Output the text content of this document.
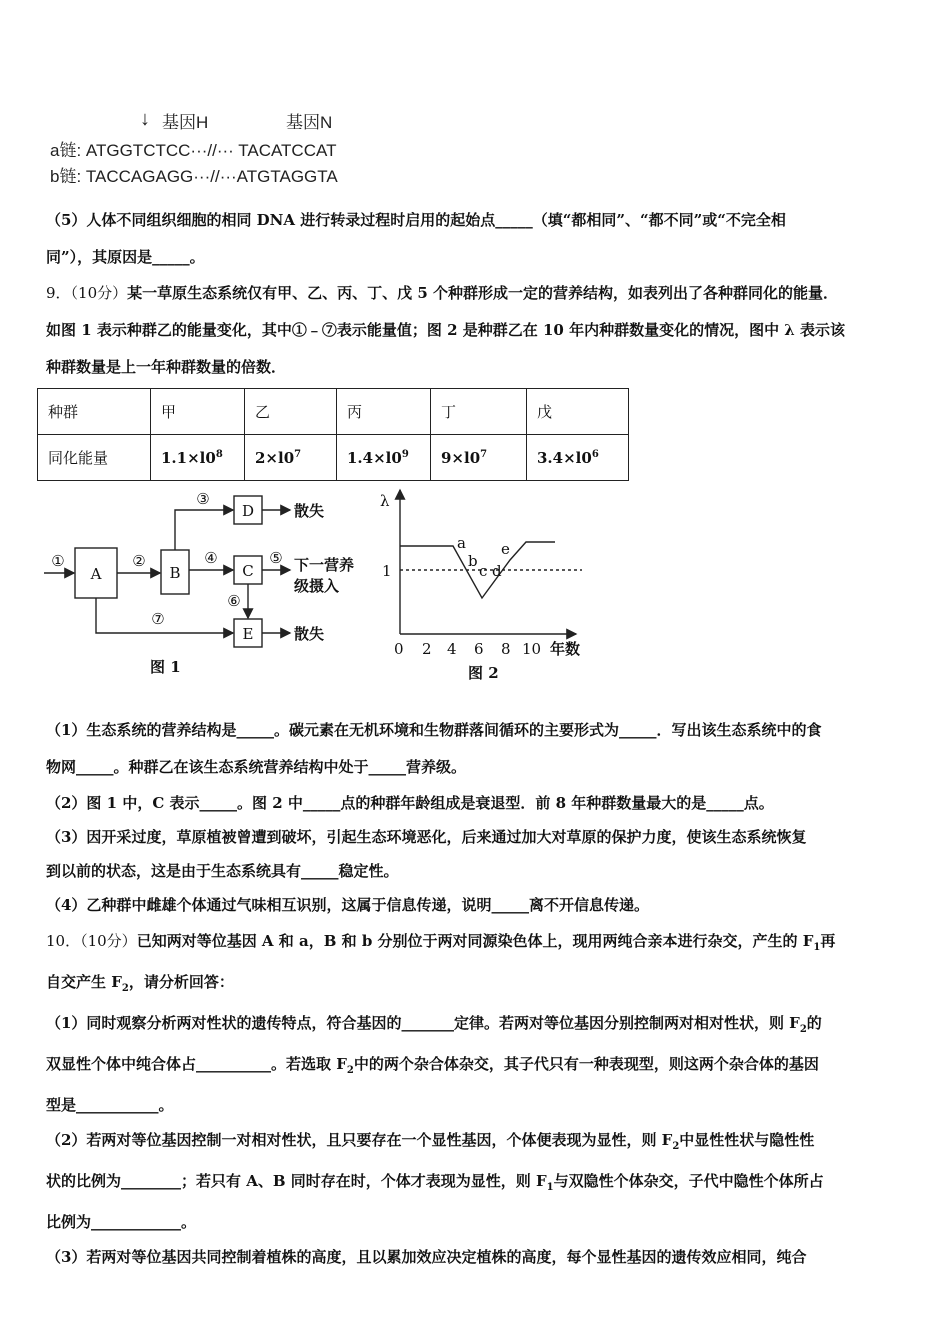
↓ 基因H	基因N
a链: ATGGTCTCC···//··· TACATCCAT
b链: TACCAGAGG···//···ATGTAGGTA
（5）人体不同组织细胞的相同 DNA 进行转录过程时启用的起始点_____（填“都相同”、“都不同”或“不完全相
同”），其原因是_____。
9．（10分）某一草原生态系统仅有甲、乙、丙、丁、戊 5 个种群形成一定的营养结构，如表列出了各种群同化的能量．
如图 1 表示种群乙的能量变化，其中①﹣⑦表示能量值；图 2 是种群乙在 10 年内种群数量变化的情况，图中 λ 表示该
种群数量是上一年种群数量的倍数．
种群	甲	乙	丙	丁	戊
同化能量	$1.1\times l0^8$	$2\times l0^7$	$1.4\times l0^9$	$9\times l0^7$	$3.4\times l0^6$
A	B	C
D
E
①	②
③
④	⑤
⑥
⑦
散失
下一营养
级摄入
散失
图 1
λ
1
0 2 4 6 8 10 年数
a
b
c d
e
图 2
（1）生态系统的营养结构是_____。碳元素在无机环境和生物群落间循环的主要形式为_____．写出该生态系统中的食
物网_____。种群乙在该生态系统营养结构中处于_____营养级。
（2）图 1 中，C 表示_____。图 2 中_____点的种群年龄组成是衰退型．前 8 年种群数量最大的是_____点。
（3）因开采过度，草原植被曾遭到破坏，引起生态环境恶化，后来通过加大对草原的保护力度，使该生态系统恢复
到以前的状态，这是由于生态系统具有_____稳定性。
（4）乙种群中雌雄个体通过气味相互识别，这属于信息传递，说明_____离不开信息传递。
10．（10分）已知两对等位基因 A 和 a，B 和 b 分别位于两对同源染色体上，现用两纯合亲本进行杂交，产生的 $F_1$再
自交产生 $F_2$，请分析回答：
（1）同时观察分析两对性状的遗传特点，符合基因的_______定律。若两对等位基因分别控制两对相对性状，则 $F_2$的
双显性个体中纯合体占__________。若选取 $F_2$中的两个杂合体杂交，其子代只有一种表现型，则这两个杂合体的基因
型是___________。
（2）若两对等位基因控制一对相对性状，且只要存在一个显性基因，个体便表现为显性，则 $F_2$中显性性状与隐性性
状的比例为________；若只有 A、B 同时存在时，个体才表现为显性，则 $F_1$与双隐性个体杂交，子代中隐性个体所占
比例为____________。
（3）若两对等位基因共同控制着植株的高度，且以累加效应决定植株的高度，每个显性基因的遗传效应相同，纯合
